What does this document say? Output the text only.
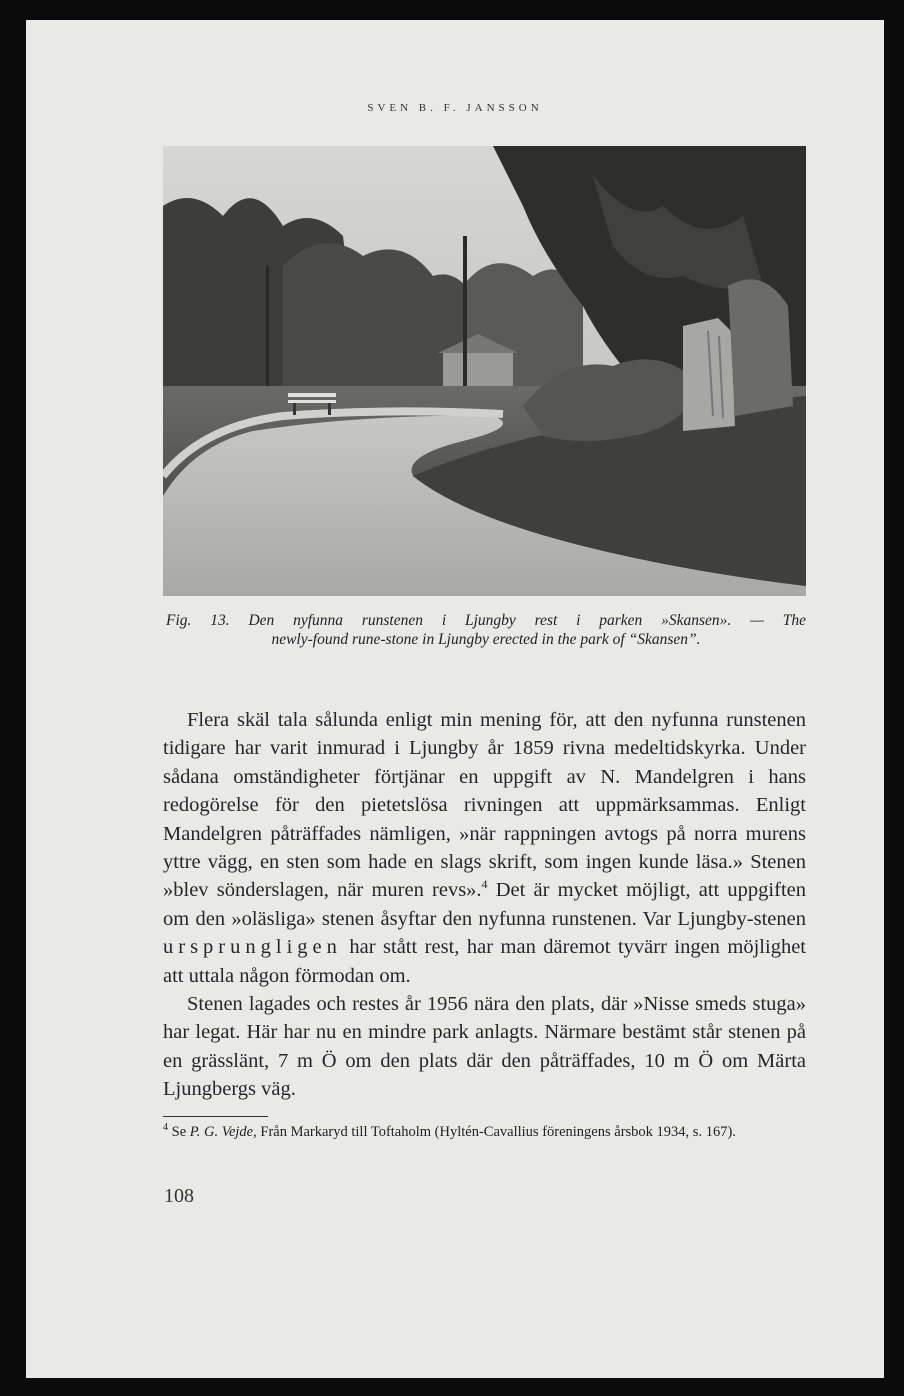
SVEN B. F. JANSSON
Fig. 13. Den nyfunna runstenen i Ljungby rest i parken »Skansen». — The
newly-found rune-stone in Ljungby erected in the park of “Skansen”.

Flera skäl tala sålunda enligt min mening för, att den nyfunna runstenen tidigare har varit inmurad i Ljungby år 1859 rivna medeltidskyrka. Under sådana omständigheter förtjänar en uppgift av N. Mandelgren i hans redogörelse för den pietetslösa rivningen att uppmärksammas. Enligt Mandelgren påträffades nämligen, »när rappningen avtogs på norra murens yttre vägg, en sten som hade en slags skrift, som ingen kunde läsa.» Stenen »blev sönderslagen, när muren revs».$^4$ Det är mycket möjligt, att uppgiften om den »oläsliga» stenen åsyftar den nyfunna runstenen. Var Ljungby-stenen ursprungligen har stått rest, har man däremot tyvärr ingen möjlighet att uttala någon förmodan om.

Stenen lagades och restes år 1956 nära den plats, där »Nisse smeds stuga» har legat. Här har nu en mindre park anlagts. Närmare bestämt står stenen på en grässlänt, 7 m Ö om den plats där den påträffades, 10 m Ö om Märta Ljungbergs väg.

$^4$ Se P. G. Vejde, Från Markaryd till Toftaholm (Hyltén-Cavallius föreningens årsbok 1934, s. 167).
108
